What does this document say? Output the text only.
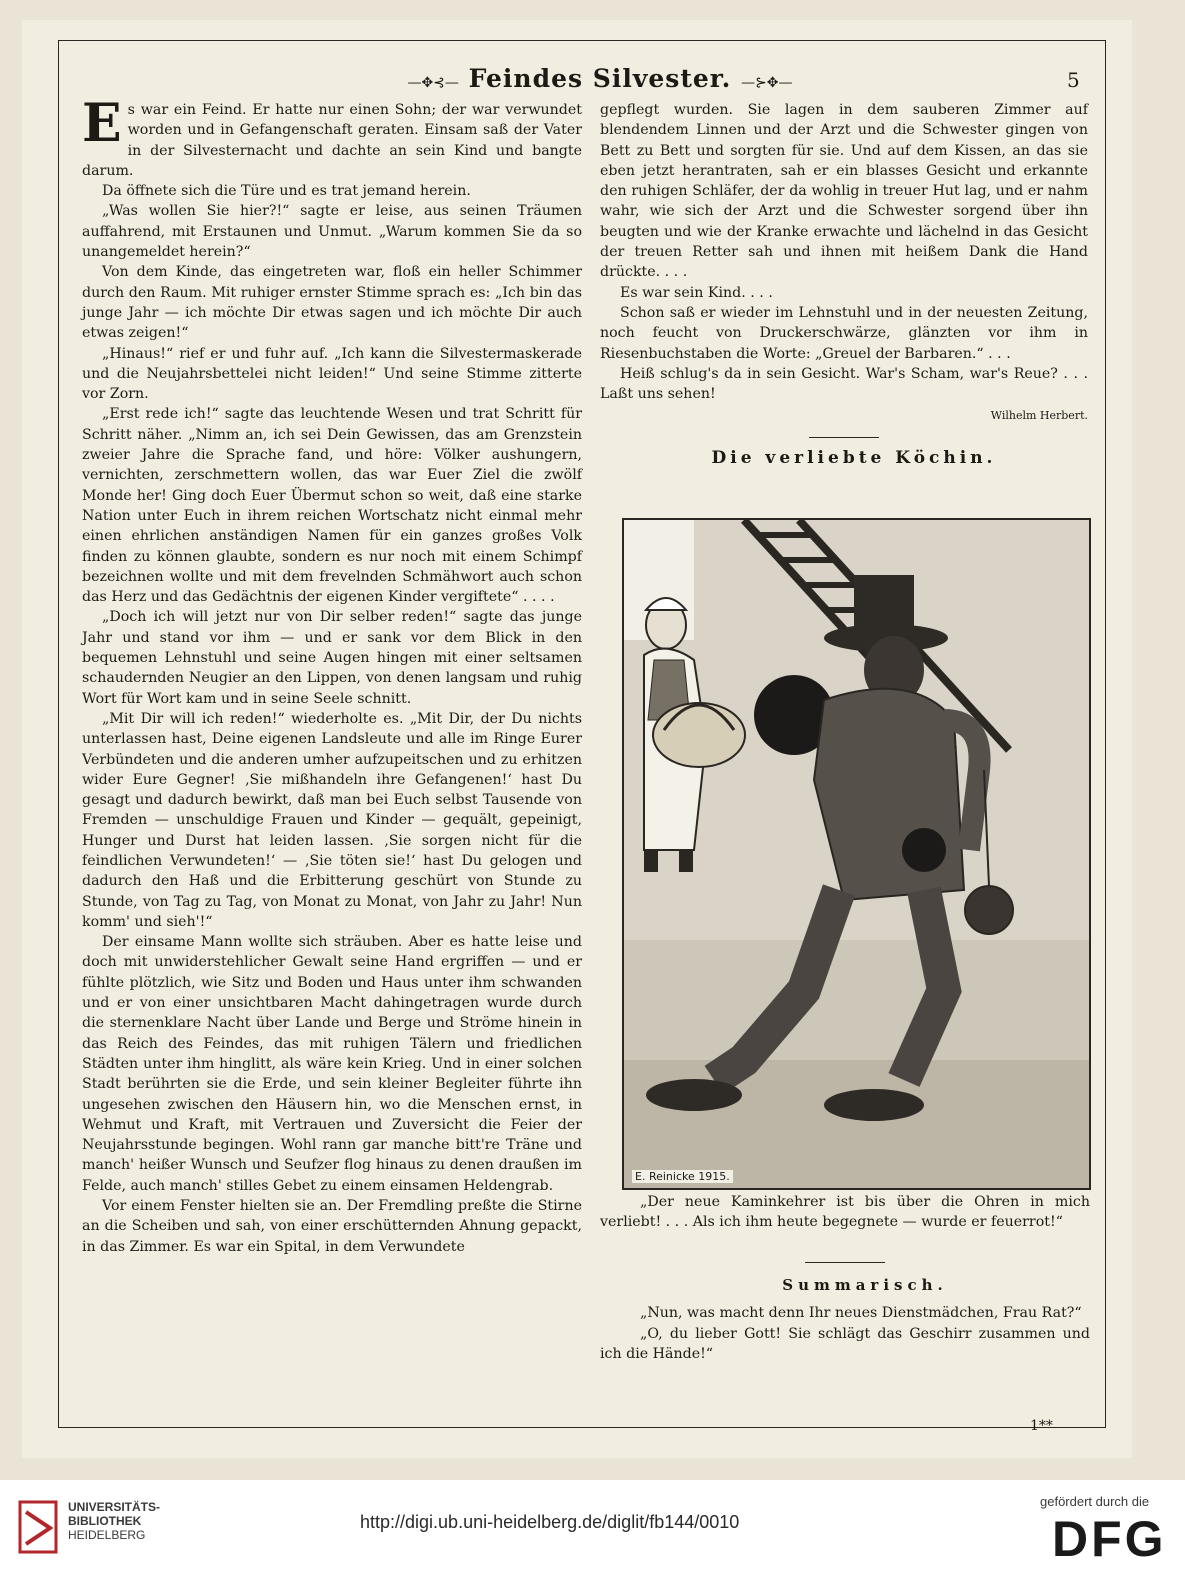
—✥⊰— Feindes Silvester. —⊱✥—	5

Es war ein Feind. Er hatte nur einen Sohn; der war verwundet worden und in Gefangenschaft geraten. Einsam saß der Vater in der Silvesternacht und dachte an sein Kind und bangte darum.

Da öffnete sich die Türe und es trat jemand herein.

„Was wollen Sie hier?!“ sagte er leise, aus seinen Träumen auffahrend, mit Erstaunen und Unmut. „Warum kommen Sie da so unangemeldet herein?“

Von dem Kinde, das eingetreten war, floß ein heller Schimmer durch den Raum. Mit ruhiger ernster Stimme sprach es: „Ich bin das junge Jahr — ich möchte Dir etwas sagen und ich möchte Dir auch etwas zeigen!“

„Hinaus!“ rief er und fuhr auf. „Ich kann die Silvestermaskerade und die Neujahrsbettelei nicht leiden!“ Und seine Stimme zitterte vor Zorn.

„Erst rede ich!“ sagte das leuchtende Wesen und trat Schritt für Schritt näher. „Nimm an, ich sei Dein Gewissen, das am Grenzstein zweier Jahre die Sprache fand, und höre: Völker aushungern, vernichten, zerschmettern wollen, das war Euer Ziel die zwölf Monde her! Ging doch Euer Übermut schon so weit, daß eine starke Nation unter Euch in ihrem reichen Wortschatz nicht einmal mehr einen ehrlichen anständigen Namen für ein ganzes großes Volk finden zu können glaubte, sondern es nur noch mit einem Schimpf bezeichnen wollte und mit dem frevelnden Schmähwort auch schon das Herz und das Gedächtnis der eigenen Kinder vergiftete“ . . . .

„Doch ich will jetzt nur von Dir selber reden!“ sagte das junge Jahr und stand vor ihm — und er sank vor dem Blick in den bequemen Lehnstuhl und seine Augen hingen mit einer seltsamen schaudernden Neugier an den Lippen, von denen langsam und ruhig Wort für Wort kam und in seine Seele schnitt.

„Mit Dir will ich reden!“ wiederholte es. „Mit Dir, der Du nichts unterlassen hast, Deine eigenen Landsleute und alle im Ringe Eurer Verbündeten und die anderen umher aufzupeitschen und zu erhitzen wider Eure Gegner! ‚Sie mißhandeln ihre Gefangenen!‘ hast Du gesagt und dadurch bewirkt, daß man bei Euch selbst Tausende von Fremden — unschuldige Frauen und Kinder — gequält, gepeinigt, Hunger und Durst hat leiden lassen. ‚Sie sorgen nicht für die feindlichen Verwundeten!‘ — ‚Sie töten sie!‘ hast Du gelogen und dadurch den Haß und die Erbitterung geschürt von Stunde zu Stunde, von Tag zu Tag, von Monat zu Monat, von Jahr zu Jahr! Nun komm' und sieh'!“

Der einsame Mann wollte sich sträuben. Aber es hatte leise und doch mit unwiderstehlicher Gewalt seine Hand ergriffen — und er fühlte plötzlich, wie Sitz und Boden und Haus unter ihm schwanden und er von einer unsichtbaren Macht dahingetragen wurde durch die sternenklare Nacht über Lande und Berge und Ströme hinein in das Reich des Feindes, das mit ruhigen Tälern und friedlichen Städten unter ihm hinglitt, als wäre kein Krieg. Und in einer solchen Stadt berührten sie die Erde, und sein kleiner Begleiter führte ihn ungesehen zwischen den Häusern hin, wo die Menschen ernst, in Wehmut und Kraft, mit Vertrauen und Zuversicht die Feier der Neujahrsstunde begingen. Wohl rann gar manche bitt're Träne und manch' heißer Wunsch und Seufzer flog hinaus zu denen draußen im Felde, auch manch' stilles Gebet zu einem einsamen Heldengrab.

Vor einem Fenster hielten sie an. Der Fremdling preßte die Stirne an die Scheiben und sah, von einer erschütternden Ahnung gepackt, in das Zimmer. Es war ein Spital, in dem Verwundete

gepflegt wurden. Sie lagen in dem sauberen Zimmer auf blendendem Linnen und der Arzt und die Schwester gingen von Bett zu Bett und sorgten für sie. Und auf dem Kissen, an das sie eben jetzt herantraten, sah er ein blasses Gesicht und erkannte den ruhigen Schläfer, der da wohlig in treuer Hut lag, und er nahm wahr, wie sich der Arzt und die Schwester sorgend über ihn beugten und wie der Kranke erwachte und lächelnd in das Gesicht der treuen Retter sah und ihnen mit heißem Dank die Hand drückte. . . .

Es war sein Kind. . . .

Schon saß er wieder im Lehnstuhl und in der neuesten Zeitung, noch feucht von Druckerschwärze, glänzten vor ihm in Riesenbuchstaben die Worte: „Greuel der Barbaren.“ . . .

Heiß schlug's da in sein Gesicht. War's Scham, war's Reue? . . . Laßt uns sehen!

Wilhelm Herbert.

Die verliebte Köchin.

E. Reinicke 1915.
„Der neue Kaminkehrer ist bis über die Ohren in mich verliebt! . . . Als ich ihm heute begegnete — wurde er feuerrot!“

Summarisch.

„Nun, was macht denn Ihr neues Dienstmädchen, Frau Rat?“

„O, du lieber Gott! Sie schlägt das Geschirr zusammen und ich die Hände!“

1**
UNIVERSITÄTS-
BIBLIOTHEK
HEIDELBERG
http://digi.ub.uni-heidelberg.de/diglit/fb144/0010
gefördert durch die
DFG
